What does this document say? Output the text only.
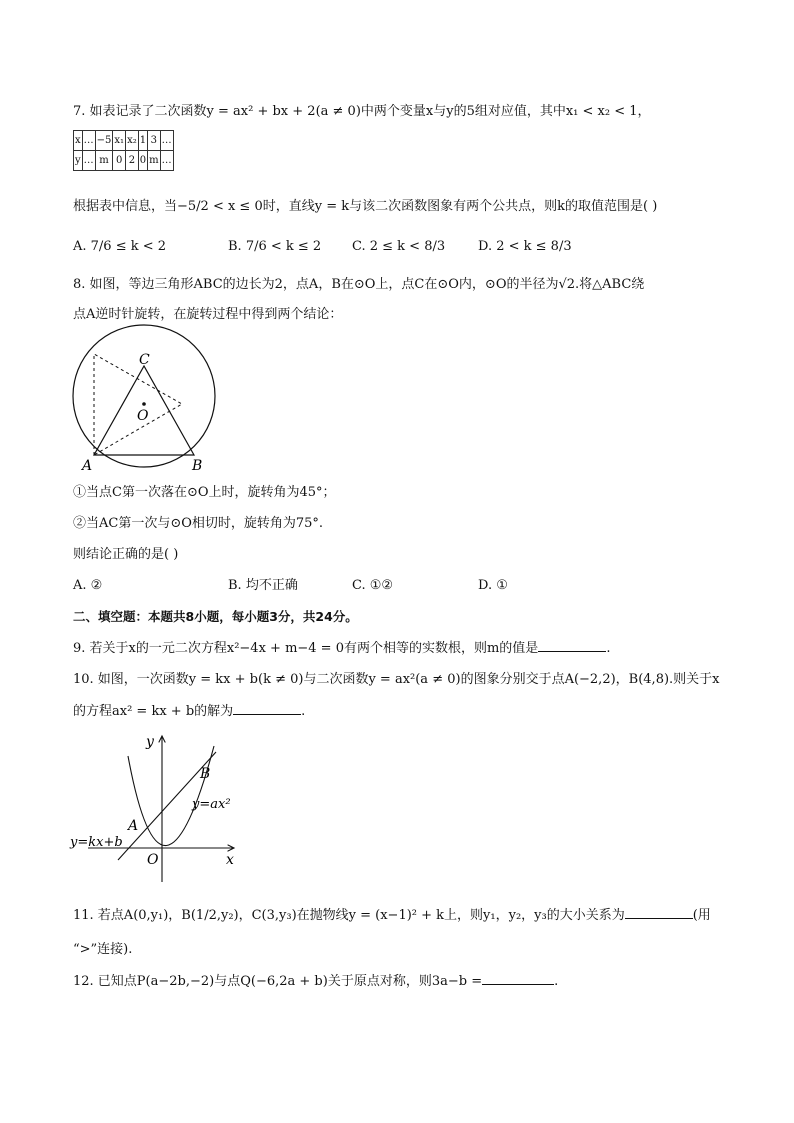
7. 如表记录了二次函数y = ax² + bx + 2(a ≠ 0)中两个变量x与y的5组对应值，其中x₁ < x₂ < 1，
x	…	−5	x₁	x₂	1	3	…
y	…	m	0	2	0	m	…
根据表中信息，当−5/2 < x ≤ 0时，直线y = k与该二次函数图象有两个公共点，则k的取值范围是( )
A. 7/6 ≤ k < 2	B. 7/6 < k ≤ 2 C. 2 ≤ k < 8/3	D. 2 < k ≤ 8/3
8. 如图，等边三角形ABC的边长为2，点A，B在⊙O上，点C在⊙O内，⊙O的半径为√2.将△ABC绕
点A逆时针旋转，在旋转过程中得到两个结论：
C
O
A	B
①当点C第一次落在⊙O上时，旋转角为45°；
②当AC第一次与⊙O相切时，旋转角为75°.
则结论正确的是( )
A. ②	B. 均不正确	C. ①②	D. ①
二、填空题：本题共8小题，每小题3分，共24分。
9. 若关于x的一元二次方程x²−4x + m−4 = 0有两个相等的实数根，则m的值是	.
10. 如图，一次函数y = kx + b(k ≠ 0)与二次函数y = ax²(a ≠ 0)的图象分别交于点A(−2,2)，B(4,8).则关于x
的方程ax² = kx + b的解为	.
y
x
O
A
B
y=ax²
y=kx+b
11. 若点A(0,y₁)，B(1/2,y₂)，C(3,y₃)在抛物线y = (x−1)² + k上，则y₁，y₂，y₃的大小关系为	(用
“>”连接).
12. 已知点P(a−2b,−2)与点Q(−6,2a + b)关于原点对称，则3a−b =	.
